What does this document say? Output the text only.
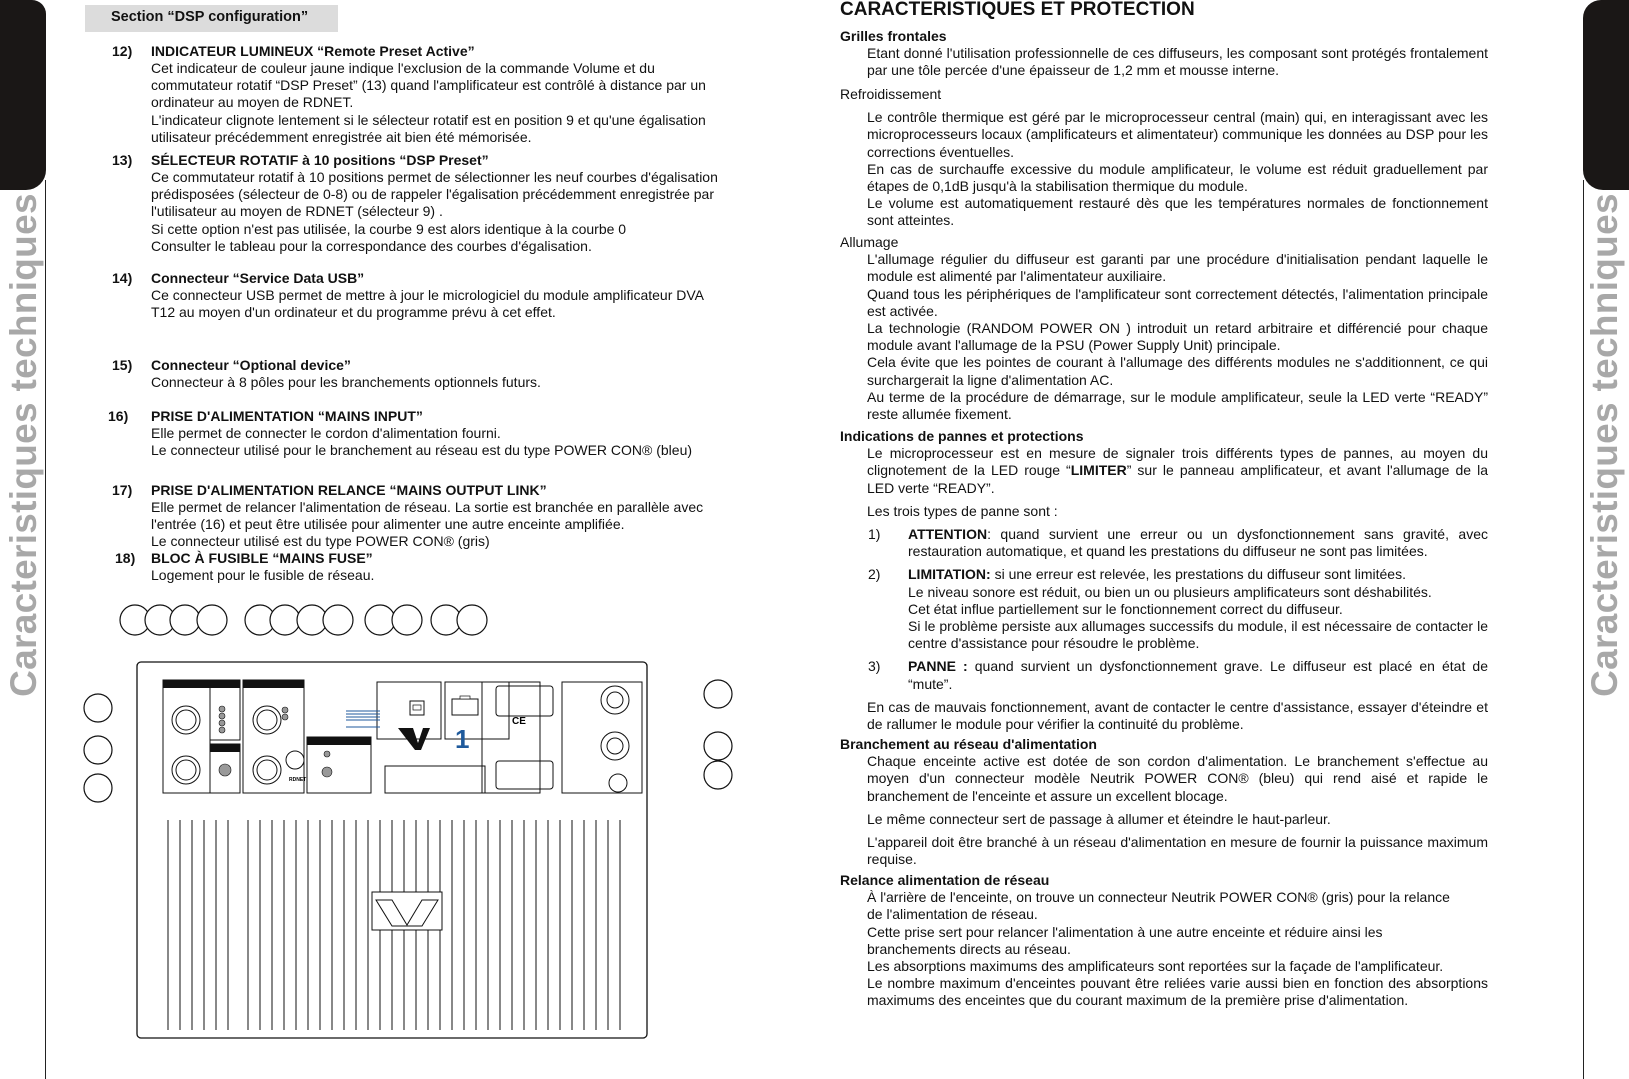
Caracteristiques techniques	Caracteristiques techniques
Section “DSP configuration”
12) INDICATEUR LUMINEUX “Remote Preset Active”

Cet indicateur de couleur jaune indique l'exclusion de la commande Volume et du commutateur rotatif “DSP Preset” (13) quand l'amplificateur est contrôlé à distance par un ordinateur au moyen de RDNET.

L'indicateur clignote lentement si le sélecteur rotatif est en position 9 et qu'une égalisation utilisateur précédemment enregistrée ait bien été mémorisée.

13) SÉLECTEUR ROTATIF à 10 positions “DSP Preset”

Ce commutateur rotatif à 10 positions permet de sélectionner les neuf courbes d'égalisation prédisposées (sélecteur de 0-8) ou de rappeler l'égalisation précédemment enregistrée par l'utilisateur au moyen de RDNET (sélecteur 9) .

Si cette option n'est pas utilisée, la courbe 9 est alors identique à la courbe 0

Consulter le tableau pour la correspondance des courbes d'égalisation.

14) Connecteur “Service Data USB”

Ce connecteur USB permet de mettre à jour le micrologiciel du module amplificateur DVA T12 au moyen d'un ordinateur et du programme prévu à cet effet.

15) Connecteur “Optional device”

Connecteur à 8 pôles pour les branchements optionnels futurs.

16) PRISE D'ALIMENTATION “MAINS INPUT”

Elle permet de connecter le cordon d'alimentation fourni.

Le connecteur utilisé pour le branchement au réseau est du type POWER CON® (bleu)

17) PRISE D'ALIMENTATION RELANCE “MAINS OUTPUT LINK”

Elle permet de relancer l'alimentation de réseau. La sortie est branchée en parallèle avec l'entrée (16) et peut être utilisée pour alimenter une autre enceinte amplifiée.

Le connecteur utilisé est du type POWER CON® (gris)

18) BLOC À FUSIBLE “MAINS FUSE”

Logement pour le fusible de réseau.

RDNET
1
CE
CARACTERISTIQUES ET PROTECTION
Grilles frontales

Etant donné l'utilisation professionnelle de ces diffuseurs, les composant sont protégés frontalement par une tôle percée d'une épaisseur de 1,2 mm et mousse interne.

Refroidissement

Le contrôle thermique est géré par le microprocesseur central (main) qui, en interagissant avec les microprocesseurs locaux (amplificateurs et alimentateur) communique les données au DSP pour les corrections éventuelles.

En cas de surchauffe excessive du module amplificateur, le volume est réduit graduellement par étapes de 0,1dB jusqu'à la stabilisation thermique du module.

Le volume est automatiquement restauré dès que les températures normales de fonctionnement sont atteintes.

Allumage

L'allumage régulier du diffuseur est garanti par une procédure d'initialisation pendant laquelle le module est alimenté par l'alimentateur auxiliaire.

Quand tous les périphériques de l'amplificateur sont correctement détectés, l'alimentation principale est activée.

La technologie (RANDOM POWER ON ) introduit un retard arbitraire et différencié pour chaque module avant l'allumage de la PSU (Power Supply Unit) principale.

Cela évite que les pointes de courant à l'allumage des différents modules ne s'additionnent, ce qui surchargerait la ligne d'alimentation AC.

Au terme de la procédure de démarrage, sur le module amplificateur, seule la LED verte “READY” reste allumée fixement.

Indications de pannes et protections

Le microprocesseur est en mesure de signaler trois différents types de pannes, au moyen du clignotement de la LED rouge “LIMITER” sur le panneau amplificateur, et avant l'allumage de la LED verte “READY”.

Les trois types de panne sont :

1) ATTENTION: quand survient une erreur ou un dysfonctionnement sans gravité, avec restauration automatique, et quand les prestations du diffuseur ne sont pas limitées.

2) LIMITATION: si une erreur est relevée, les prestations du diffuseur sont limitées.

Le niveau sonore est réduit, ou bien un ou plusieurs amplificateurs sont déshabilités.

Cet état influe partiellement sur le fonctionnement correct du diffuseur.

Si le problème persiste aux allumages successifs du module, il est nécessaire de contacter le centre d'assistance pour résoudre le problème.

3) PANNE : quand survient un dysfonctionnement grave. Le diffuseur est placé en état de “mute”.

En cas de mauvais fonctionnement, avant de contacter le centre d'assistance, essayer d'éteindre et de rallumer le module pour vérifier la continuité du problème.

Branchement au réseau d'alimentation

Chaque enceinte active est dotée de son cordon d'alimentation. Le branchement s'effectue au moyen d'un connecteur modèle Neutrik POWER CON® (bleu) qui rend aisé et rapide le branchement de l'enceinte et assure un excellent blocage.

Le même connecteur sert de passage à allumer et éteindre le haut-parleur.

L'appareil doit être branché à un réseau d'alimentation en mesure de fournir la puissance maximum requise.

Relance alimentation de réseau

À l'arrière de l'enceinte, on trouve un connecteur Neutrik POWER CON® (gris) pour la relance de l'alimentation de réseau.

Cette prise sert pour relancer l'alimentation à une autre enceinte et réduire ainsi les branchements directs au réseau.

Les absorptions maximums des amplificateurs sont reportées sur la façade de l'amplificateur.

Le nombre maximum d'enceintes pouvant être reliées varie aussi bien en fonction des absorptions maximums des enceintes que du courant maximum de la première prise d'alimentation.
